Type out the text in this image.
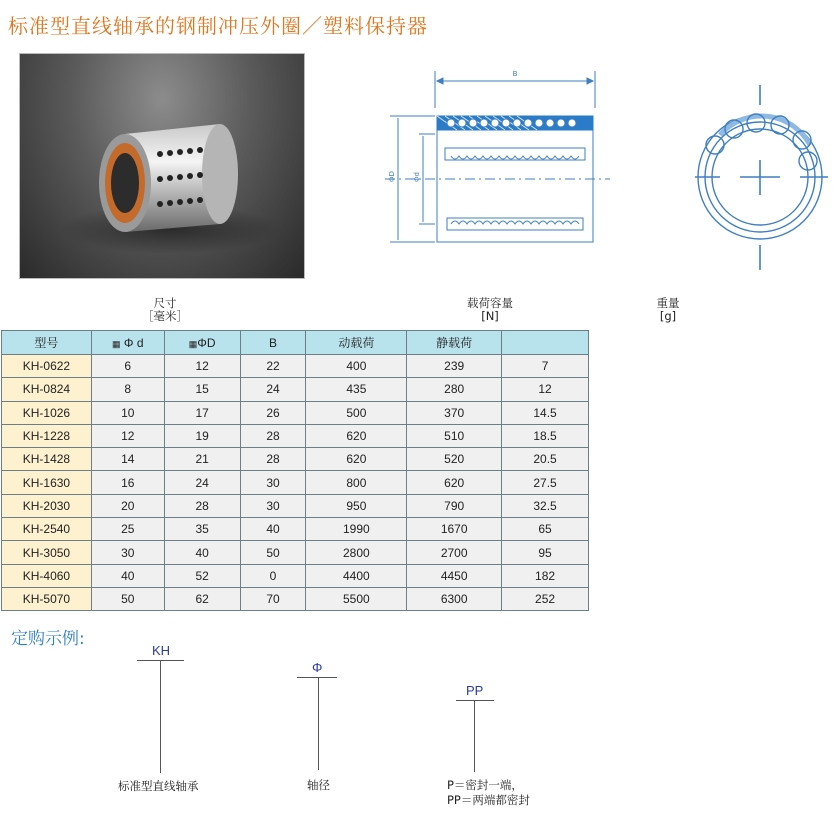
标准型直线轴承的钢制冲压外圈／塑料保持器
B
ΦD Φd
尺寸
［毫米］
载荷容量
[N]
重量
[g]
型号	▦ Φ d	▦ΦD	B	动载荷	静载荷	
KH-0622	6	12	22	400	239	7
KH-0824	8	15	24	435	280	12
KH-1026	10	17	26	500	370	14.5
KH-1228	12	19	28	620	510	18.5
KH-1428	14	21	28	620	520	20.5
KH-1630	16	24	30	800	620	27.5
KH-2030	20	28	30	950	790	32.5
KH-2540	25	35	40	1990	1670	65
KH-3050	30	40	50	2800	2700	95
KH-4060	40	52	0	4400	4450	182
KH-5070	50	62	70	5500	6300	252
定购示例:
KH
标准型直线轴承
Φ
轴径
PP
P＝密封一端，
PP＝两端都密封
